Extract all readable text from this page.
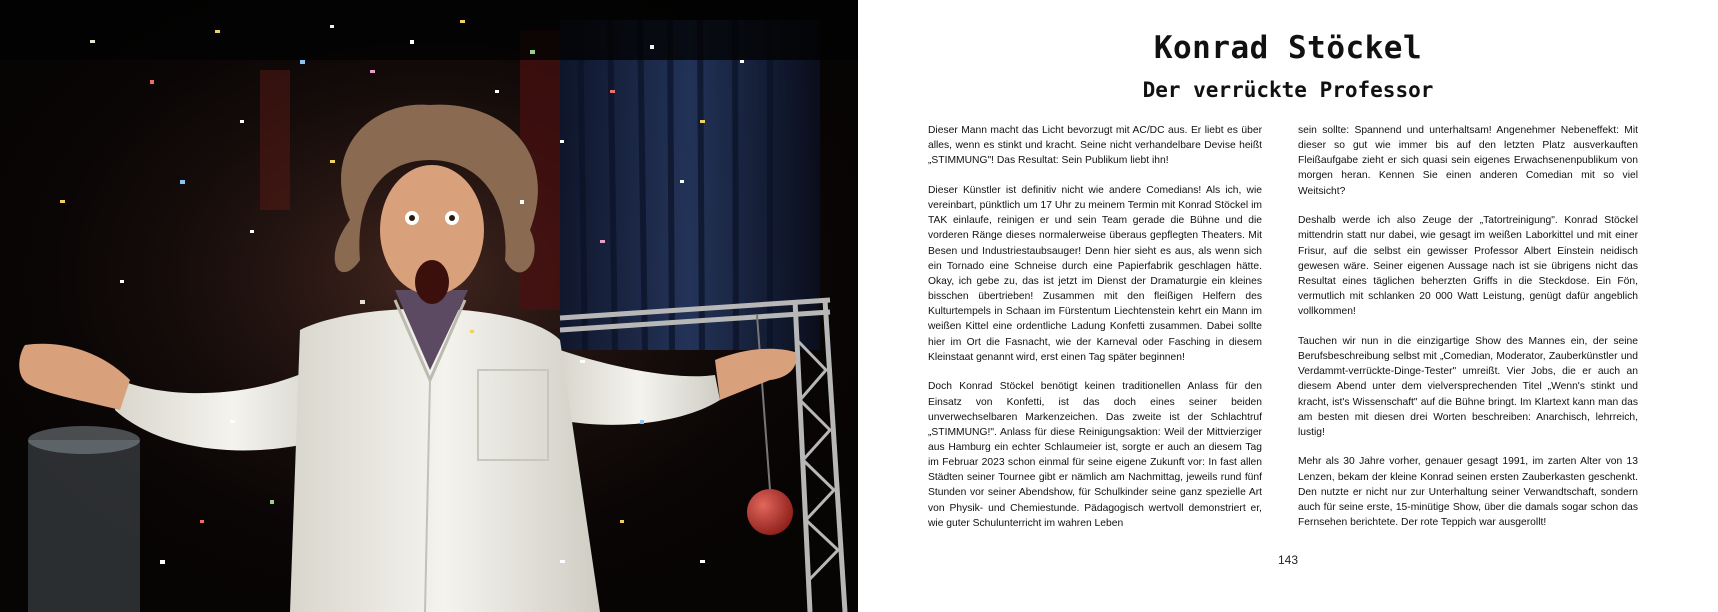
Konrad Stöckel
Der verrückte Professor

Dieser Mann macht das Licht bevorzugt mit AC/DC aus. Er liebt es über alles, wenn es stinkt und kracht. Seine nicht verhandelbare Devise heißt „STIMMUNG"! Das Resultat: Sein Publikum liebt ihn!

Dieser Künstler ist definitiv nicht wie andere Comedians! Als ich, wie vereinbart, pünktlich um 17 Uhr zu meinem Termin mit Konrad Stöckel im TAK einlaufe, reinigen er und sein Team gerade die Bühne und die vorderen Ränge dieses normalerweise überaus gepflegten Theaters. Mit Besen und Industriestaubsauger! Denn hier sieht es aus, als wenn sich ein Tornado eine Schneise durch eine Papierfabrik geschlagen hätte. Okay, ich gebe zu, das ist jetzt im Dienst der Dramaturgie ein kleines bisschen übertrieben! Zusammen mit den fleißigen Helfern des Kulturtempels in Schaan im Fürstentum Liechtenstein kehrt ein Mann im weißen Kittel eine ordentliche Ladung Konfetti zusammen. Dabei sollte hier im Ort die Fasnacht, wie der Karneval oder Fasching in diesem Kleinstaat genannt wird, erst einen Tag später beginnen!

Doch Konrad Stöckel benötigt keinen traditionellen Anlass für den Einsatz von Konfetti, ist das doch eines seiner beiden unverwechselbaren Markenzeichen. Das zweite ist der Schlachtruf „STIMMUNG!". Anlass für diese Reinigungsaktion: Weil der Mittvierziger aus Hamburg ein echter Schlaumeier ist, sorgte er auch an diesem Tag im Februar 2023 schon einmal für seine eigene Zukunft vor: In fast allen Städten seiner Tournee gibt er nämlich am Nachmittag, jeweils rund fünf Stunden vor seiner Abendshow, für Schulkinder seine ganz spezielle Art von Physik- und Chemiestunde. Pädagogisch wertvoll demonstriert er, wie guter Schulunterricht im wahren Leben

sein sollte: Spannend und unterhaltsam! Angenehmer Nebeneffekt: Mit dieser so gut wie immer bis auf den letzten Platz ausverkauften Fleißaufgabe zieht er sich quasi sein eigenes Erwachsenenpublikum von morgen heran. Kennen Sie einen anderen Comedian mit so viel Weitsicht?

Deshalb werde ich also Zeuge der „Tatortreinigung". Konrad Stöckel mittendrin statt nur dabei, wie gesagt im weißen Laborkittel und mit einer Frisur, auf die selbst ein gewisser Professor Albert Einstein neidisch gewesen wäre. Seiner eigenen Aussage nach ist sie übrigens nicht das Resultat eines täglichen beherzten Griffs in die Steckdose. Ein Fön, vermutlich mit schlanken 20 000 Watt Leistung, genügt dafür angeblich vollkommen!

Tauchen wir nun in die einzigartige Show des Mannes ein, der seine Berufsbeschreibung selbst mit „Comedian, Moderator, Zauberkünstler und Verdammt-verrückte-Dinge-Tester" umreißt. Vier Jobs, die er auch an diesem Abend unter dem vielversprechenden Titel „Wenn's stinkt und kracht, ist's Wissenschaft" auf die Bühne bringt. Im Klartext kann man das am besten mit diesen drei Worten beschreiben: Anarchisch, lehrreich, lustig!

Mehr als 30 Jahre vorher, genauer gesagt 1991, im zarten Alter von 13 Lenzen, bekam der kleine Konrad seinen ersten Zauberkasten geschenkt. Den nutzte er nicht nur zur Unterhaltung seiner Verwandtschaft, sondern auch für seine erste, 15-minütige Show, über die damals sogar schon das Fernsehen berichtete. Der rote Teppich war ausgerollt!

143
